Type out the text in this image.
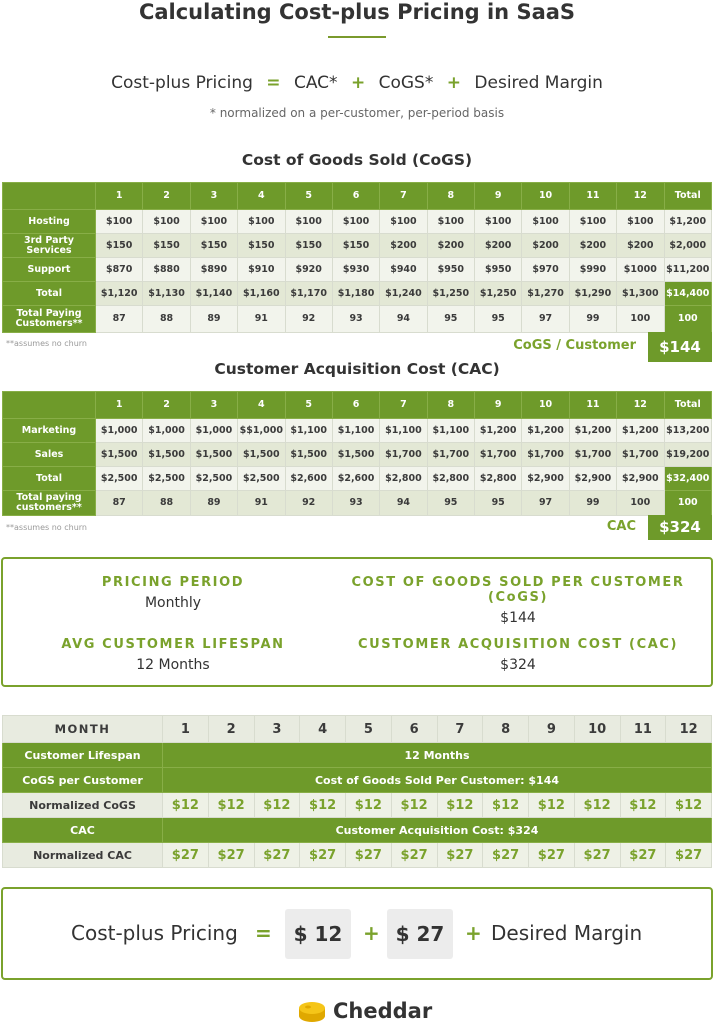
Calculating Cost-plus Pricing in SaaS
Cost-plus Pricing = CAC* + CoGS* + Desired Margin
* normalized on a per-customer, per-period basis
Cost of Goods Sold (CoGS)
	1	2	3	4	5	6	7	8	9	10	11	12	Total
Hosting	$100	$100	$100	$100	$100	$100	$100	$100	$100	$100	$100	$100	$1,200
3rd Party Services	$150	$150	$150	$150	$150	$150	$200	$200	$200	$200	$200	$200	$2,000
Support	$870	$880	$890	$910	$920	$930	$940	$950	$950	$970	$990	$1000	$11,200
Total	$1,120	$1,130	$1,140	$1,160	$1,170	$1,180	$1,240	$1,250	$1,250	$1,270	$1,290	$1,300	$14,400
Total Paying Customers**	87	88	89	91	92	93	94	95	95	97	99	100	100
**assumes no churn	CoGS / Customer	$144
Customer Acquisition Cost (CAC)
	1	2	3	4	5	6	7	8	9	10	11	12	Total
Marketing	$1,000	$1,000	$1,000	$$1,000	$1,100	$1,100	$1,100	$1,100	$1,200	$1,200	$1,200	$1,200	$13,200
Sales	$1,500	$1,500	$1,500	$1,500	$1,500	$1,500	$1,700	$1,700	$1,700	$1,700	$1,700	$1,700	$19,200
Total	$2,500	$2,500	$2,500	$2,500	$2,600	$2,600	$2,800	$2,800	$2,800	$2,900	$2,900	$2,900	$32,400
Total paying customers**	87	88	89	91	92	93	94	95	95	97	99	100	100
**assumes no churn	CAC	$324
PRICING PERIOD
Monthly
COST OF GOODS SOLD PER CUSTOMER (CoGS)
$144
AVG CUSTOMER LIFESPAN
12 Months
CUSTOMER ACQUISITION COST (CAC)
$324
MONTH	1	2	3	4	5	6	7	8	9	10	11	12
Customer Lifespan	12 Months											
CoGS per Customer	Cost of Goods Sold Per Customer: $144											
Normalized CoGS	$12	$12	$12	$12	$12	$12	$12	$12	$12	$12	$12	$12
CAC	Customer Acquisition Cost: $324											
Normalized CAC	$27	$27	$27	$27	$27	$27	$27	$27	$27	$27	$27	$27
Cost-plus Pricing =	$ 12	+ $ 27	+ Desired Margin
Cheddar
